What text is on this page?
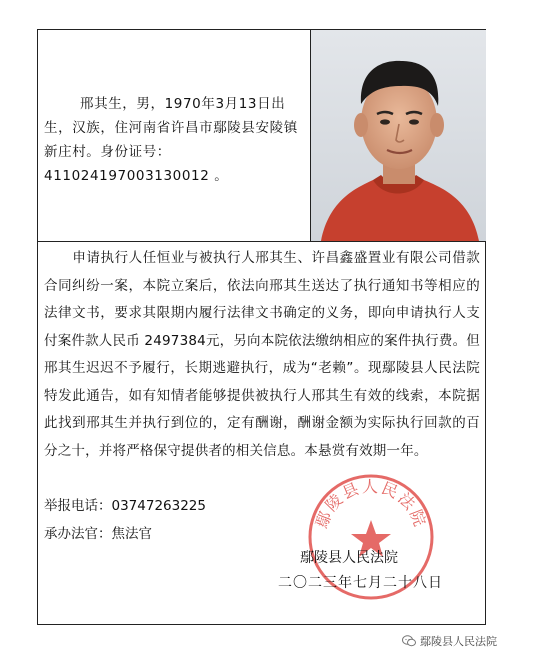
邢其生，男，1970年3月13日出生，汉族，住河南省许昌市鄢陵县安陵镇新庄村。身份证号：411024197003130012 。

申请执行人任恒业与被执行人邢其生、许昌鑫盛置业有限公司借款合同纠纷一案，本院立案后，依法向邢其生送达了执行通知书等相应的法律文书，要求其限期内履行法律文书确定的义务，即向申请执行人支付案件款人民币 2497384元，另向本院依法缴纳相应的案件执行费。但邢其生迟迟不予履行，长期逃避执行，成为“老赖”。现鄢陵县人民法院特发此通告，如有知情者能够提供被执行人邢其生有效的线索，本院据此找到邢其生并执行到位的，定有酬谢，酬谢金额为实际执行回款的百分之十，并将严格保守提供者的相关信息。本悬赏有效期一年。

举报电话：03747263225
承办法官：焦法官
鄢陵县人民法院
鄢陵县人民法院
二〇二三年七月二十八日
鄢陵县人民法院
